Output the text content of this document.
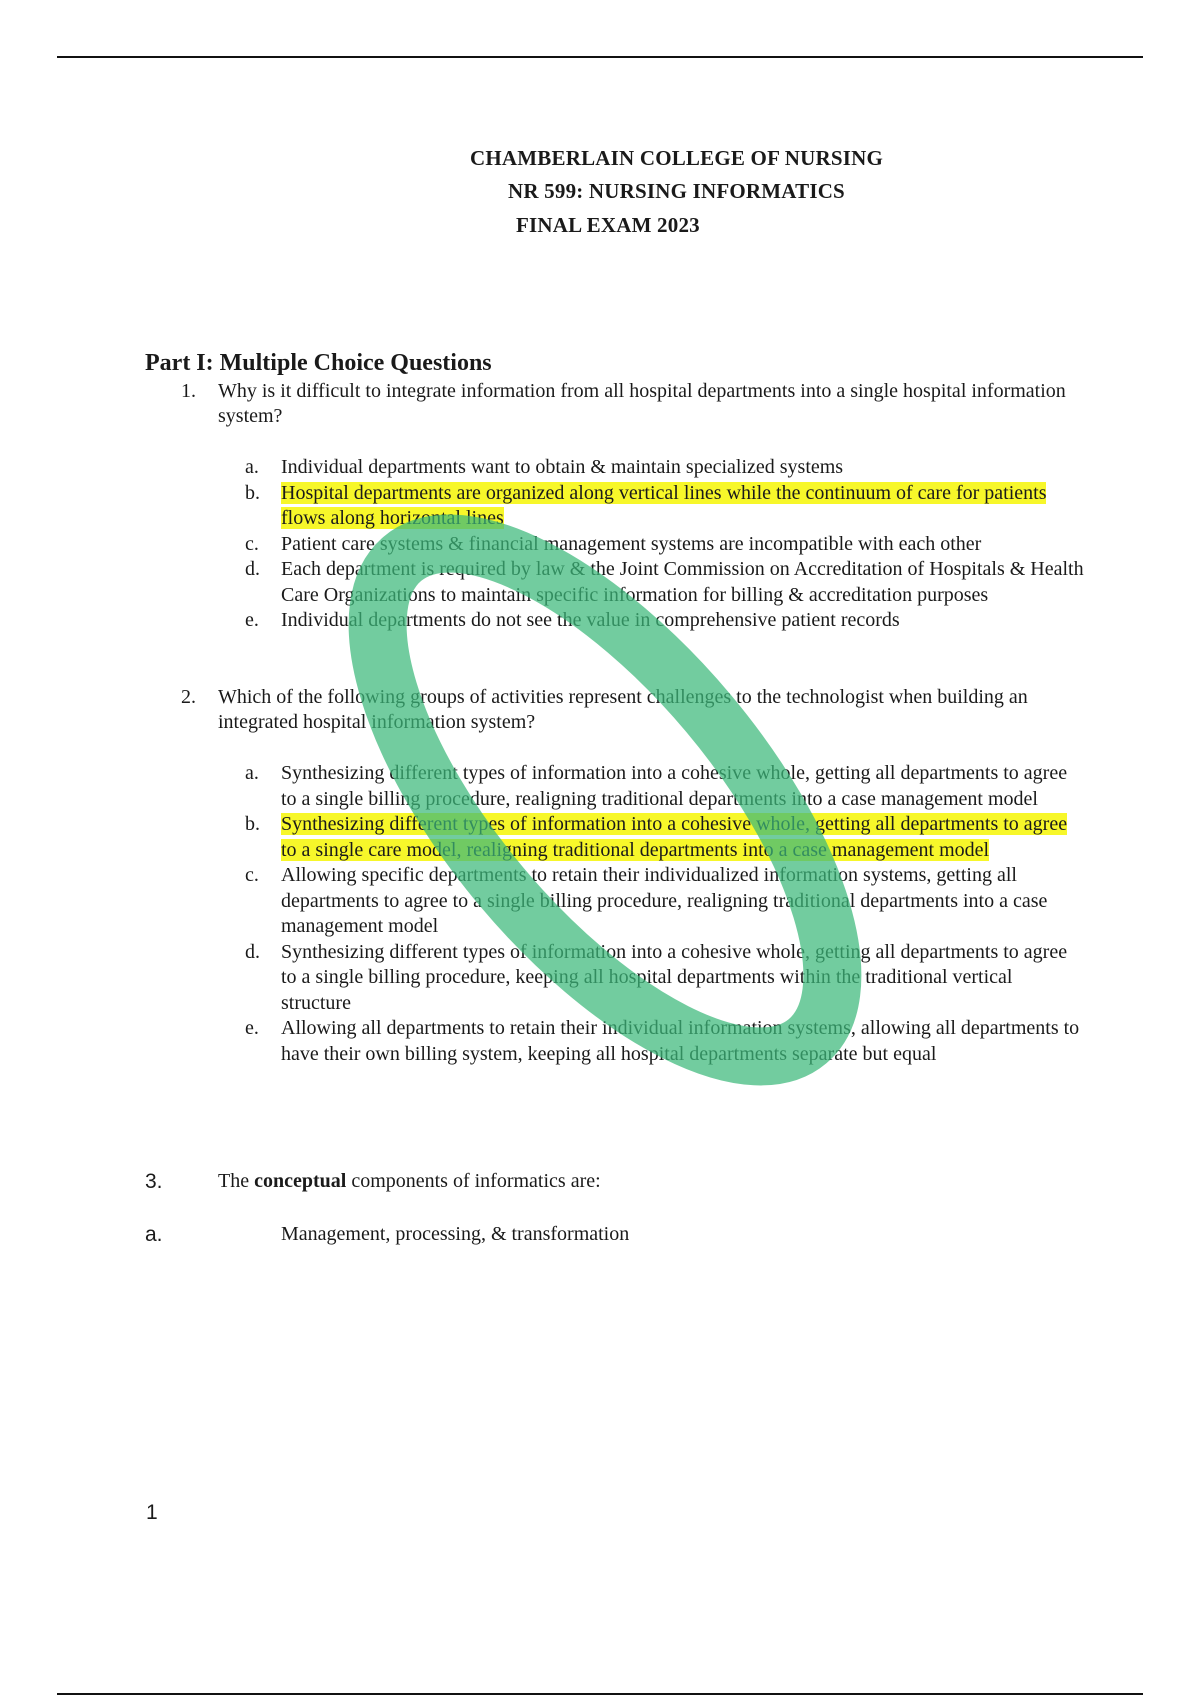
CHAMBERLAIN COLLEGE OF NURSING
NR 599: NURSING INFORMATICS
FINAL EXAM 2023
Part I: Multiple Choice Questions
1.	Why is it difficult to integrate information from all hospital departments into a single hospital information system?
a.	Individual departments want to obtain & maintain specialized systems
b.	Hospital departments are organized along vertical lines while the continuum of care for patients flows along horizontal lines
c.	Patient care systems & financial management systems are incompatible with each other
d.	Each department is required by law & the Joint Commission on Accreditation of Hospitals & Health Care Organizations to maintain specific information for billing & accreditation purposes
e.	Individual departments do not see the value in comprehensive patient records
2.	Which of the following groups of activities represent challenges to the technologist when building an integrated hospital information system?
a.	Synthesizing different types of information into a cohesive whole, getting all departments to agree to a single billing procedure, realigning traditional departments into a case management model
b.	Synthesizing different types of information into a cohesive whole, getting all departments to agree to a single care model, realigning traditional departments into a case management model
c.	Allowing specific departments to retain their individualized information systems, getting all departments to agree to a single billing procedure, realigning traditional departments into a case management model
d.	Synthesizing different types of information into a cohesive whole, getting all departments to agree to a single billing procedure, keeping all hospital departments within the traditional vertical structure
e.	Allowing all departments to retain their individual information systems, allowing all departments to have their own billing system, keeping all hospital departments separate but equal
3.	The conceptual components of informatics are:
a.	Management, processing, & transformation
1
